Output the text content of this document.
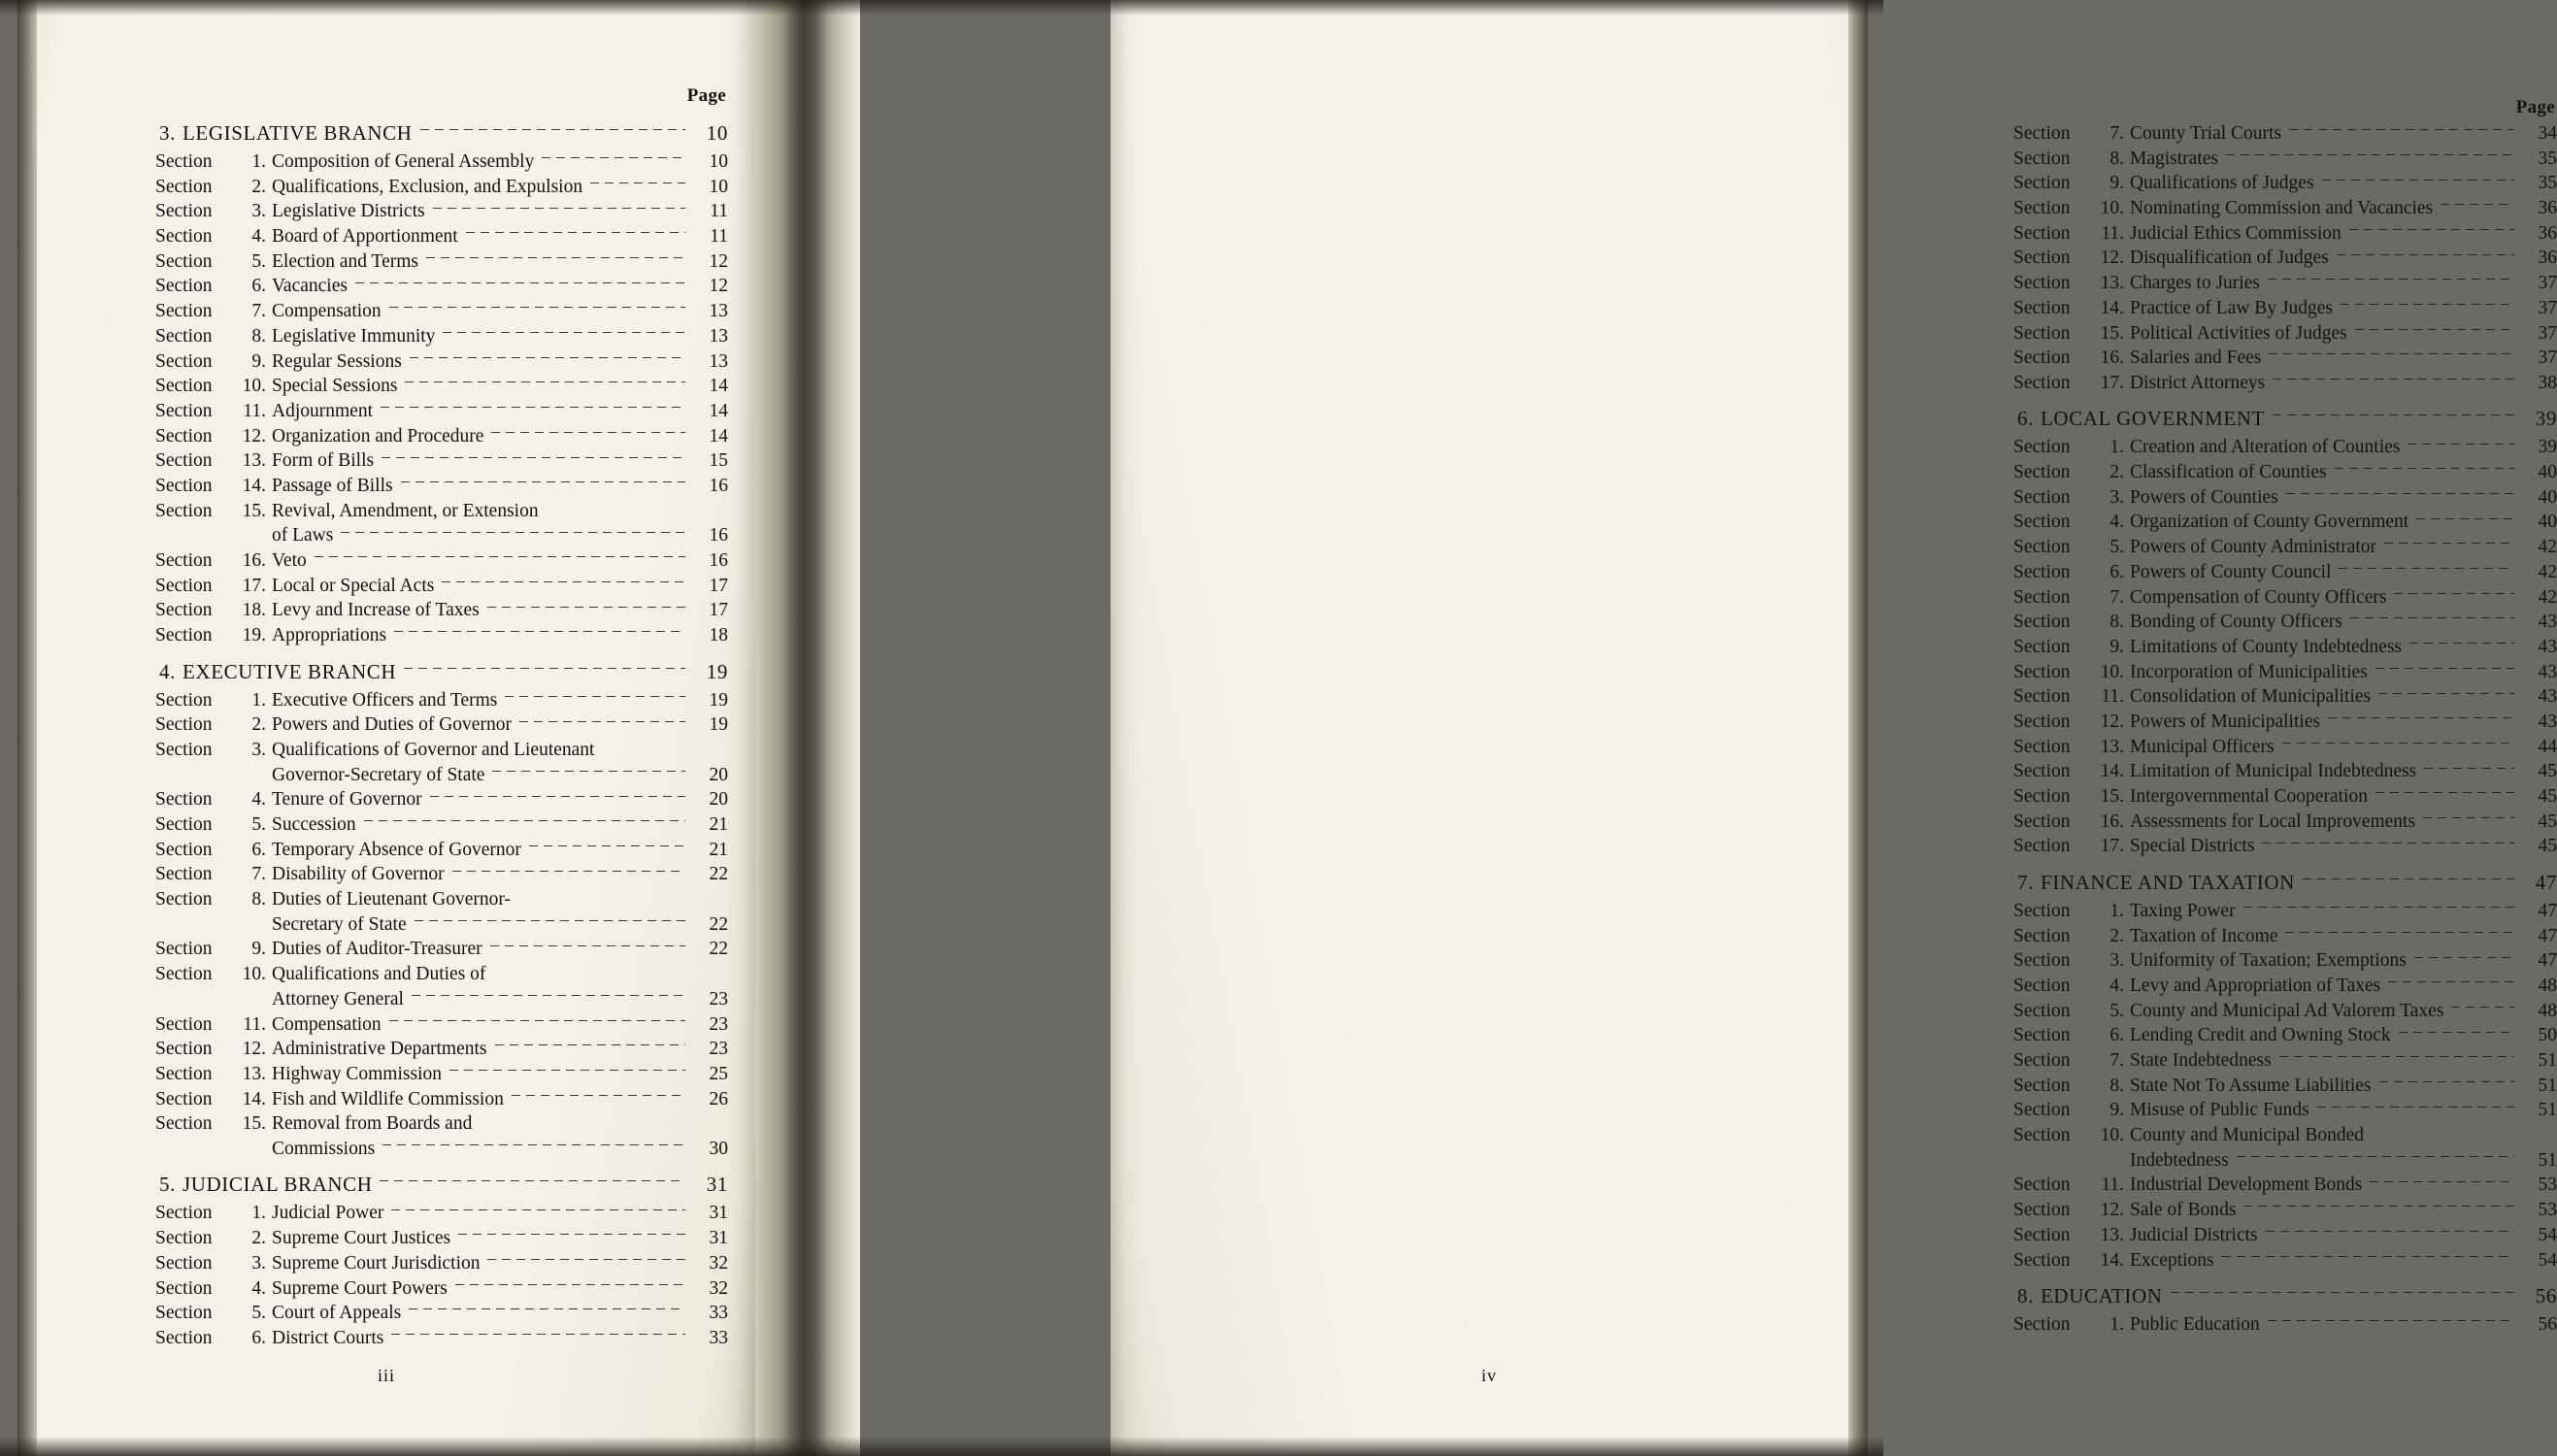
Page
3. LEGISLATIVE BRANCH	10
Section	1. Composition of General Assembly	10
Section	2. Qualifications, Exclusion, and Expulsion	10
Section	3. Legislative Districts	11
Section	4. Board of Apportionment	11
Section	5. Election and Terms	12
Section	6. Vacancies	12
Section	7. Compensation	13
Section	8. Legislative Immunity	13
Section	9. Regular Sessions	13
Section	10. Special Sessions	14
Section	11. Adjournment	14
Section	12. Organization and Procedure	14
Section	13. Form of Bills	15
Section	14. Passage of Bills	16
Section	15. Revival, Amendment, or Extension
of Laws	16
Section	16. Veto	16
Section	17. Local or Special Acts	17
Section	18. Levy and Increase of Taxes	17
Section	19. Appropriations	18
4. EXECUTIVE BRANCH	19
Section	1. Executive Officers and Terms	19
Section	2. Powers and Duties of Governor	19
Section	3. Qualifications of Governor and Lieutenant
Governor-Secretary of State	20
Section	4. Tenure of Governor	20
Section	5. Succession	21
Section	6. Temporary Absence of Governor	21
Section	7. Disability of Governor	22
Section	8. Duties of Lieutenant Governor-
Secretary of State	22
Section	9. Duties of Auditor-Treasurer	22
Section	10. Qualifications and Duties of
Attorney General	23
Section	11. Compensation	23
Section	12. Administrative Departments	23
Section	13. Highway Commission	25
Section	14. Fish and Wildlife Commission	26
Section	15. Removal from Boards and
Commissions	30
5. JUDICIAL BRANCH	31
Section	1. Judicial Power	31
Section	2. Supreme Court Justices	31
Section	3. Supreme Court Jurisdiction	32
Section	4. Supreme Court Powers	32
Section	5. Court of Appeals	33
Section	6. District Courts	33
iii
Page
Section	7. County Trial Courts	34
Section	8. Magistrates	35
Section	9. Qualifications of Judges	35
Section	10. Nominating Commission and Vacancies	36
Section	11. Judicial Ethics Commission	36
Section	12. Disqualification of Judges	36
Section	13. Charges to Juries	37
Section	14. Practice of Law By Judges	37
Section	15. Political Activities of Judges	37
Section	16. Salaries and Fees	37
Section	17. District Attorneys	38
6. LOCAL GOVERNMENT	39
Section	1. Creation and Alteration of Counties	39
Section	2. Classification of Counties	40
Section	3. Powers of Counties	40
Section	4. Organization of County Government	40
Section	5. Powers of County Administrator	42
Section	6. Powers of County Council	42
Section	7. Compensation of County Officers	42
Section	8. Bonding of County Officers	43
Section	9. Limitations of County Indebtedness	43
Section	10. Incorporation of Municipalities	43
Section	11. Consolidation of Municipalities	43
Section	12. Powers of Municipalities	43
Section	13. Municipal Officers	44
Section	14. Limitation of Municipal Indebtedness	45
Section	15. Intergovernmental Cooperation	45
Section	16. Assessments for Local Improvements	45
Section	17. Special Districts	45
7. FINANCE AND TAXATION	47
Section	1. Taxing Power	47
Section	2. Taxation of Income	47
Section	3. Uniformity of Taxation; Exemptions	47
Section	4. Levy and Appropriation of Taxes	48
Section	5. County and Municipal Ad Valorem Taxes	48
Section	6. Lending Credit and Owning Stock	50
Section	7. State Indebtedness	51
Section	8. State Not To Assume Liabilities	51
Section	9. Misuse of Public Funds	51
Section	10. County and Municipal Bonded
Indebtedness	51
Section	11. Industrial Development Bonds	53
Section	12. Sale of Bonds	53
Section	13. Judicial Districts	54
Section	14. Exceptions	54
8. EDUCATION	56
Section	1. Public Education	56
iv
